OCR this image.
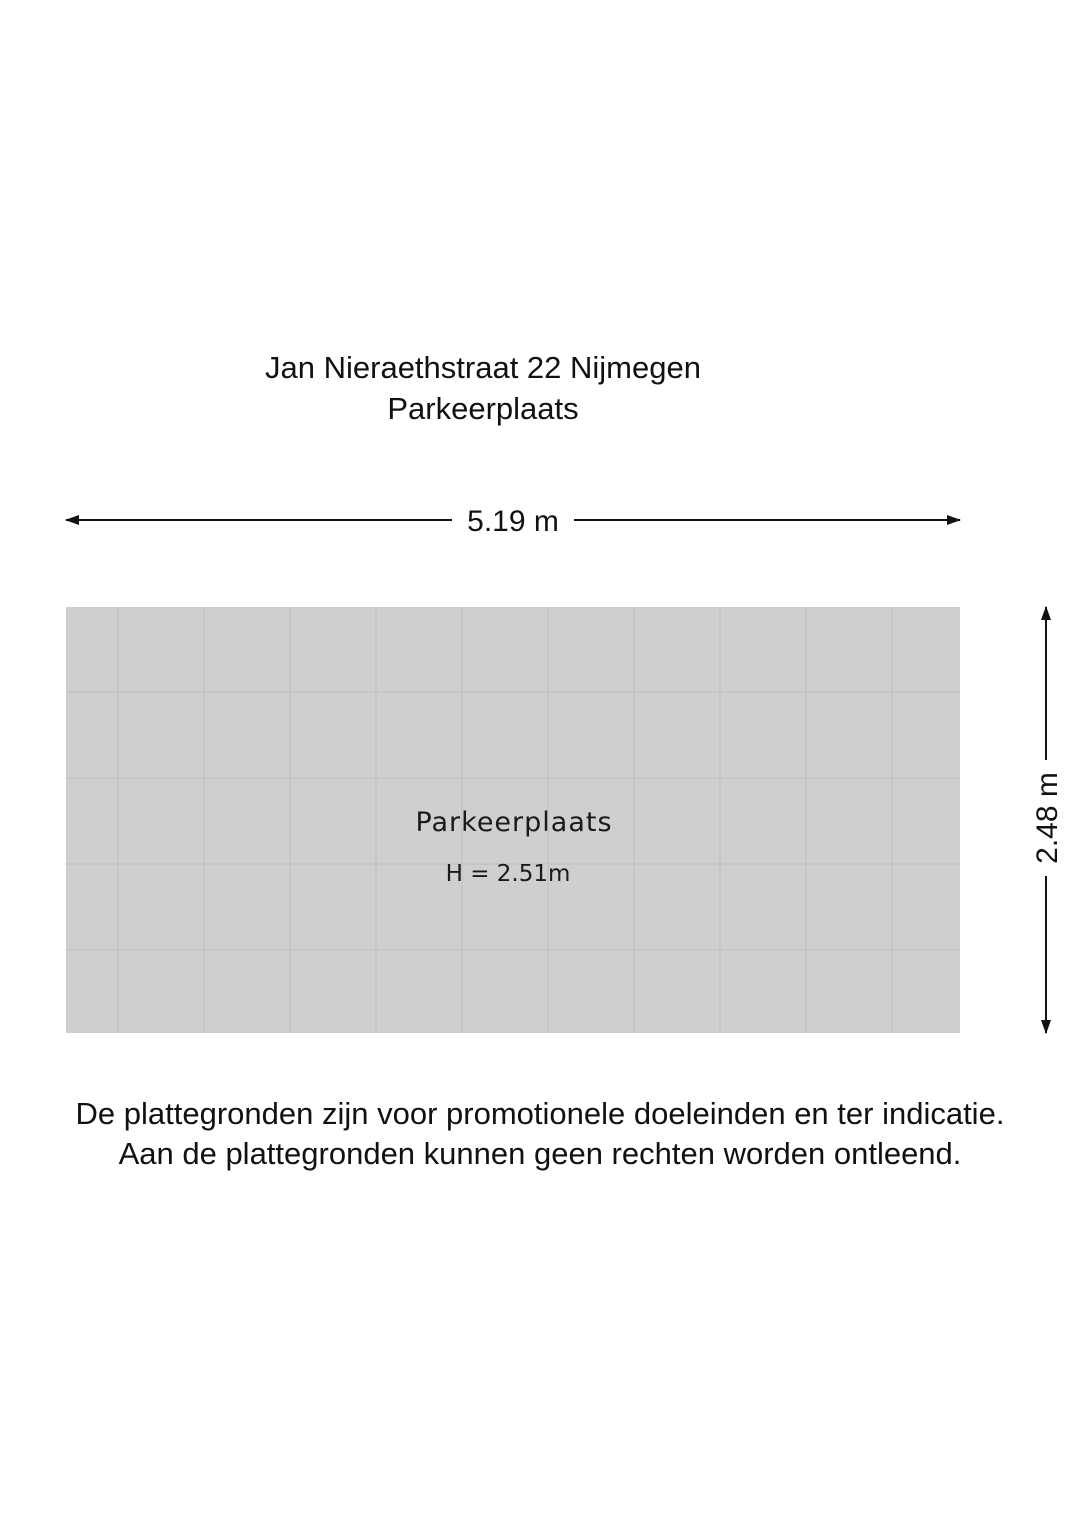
Jan Nieraethstraat 22 Nijmegen
Parkeerplaats
5.19 m
Parkeerplaats
H = 2.51m
2.48 m
De plattegronden zijn voor promotionele doeleinden en ter indicatie.
Aan de plattegronden kunnen geen rechten worden ontleend.
